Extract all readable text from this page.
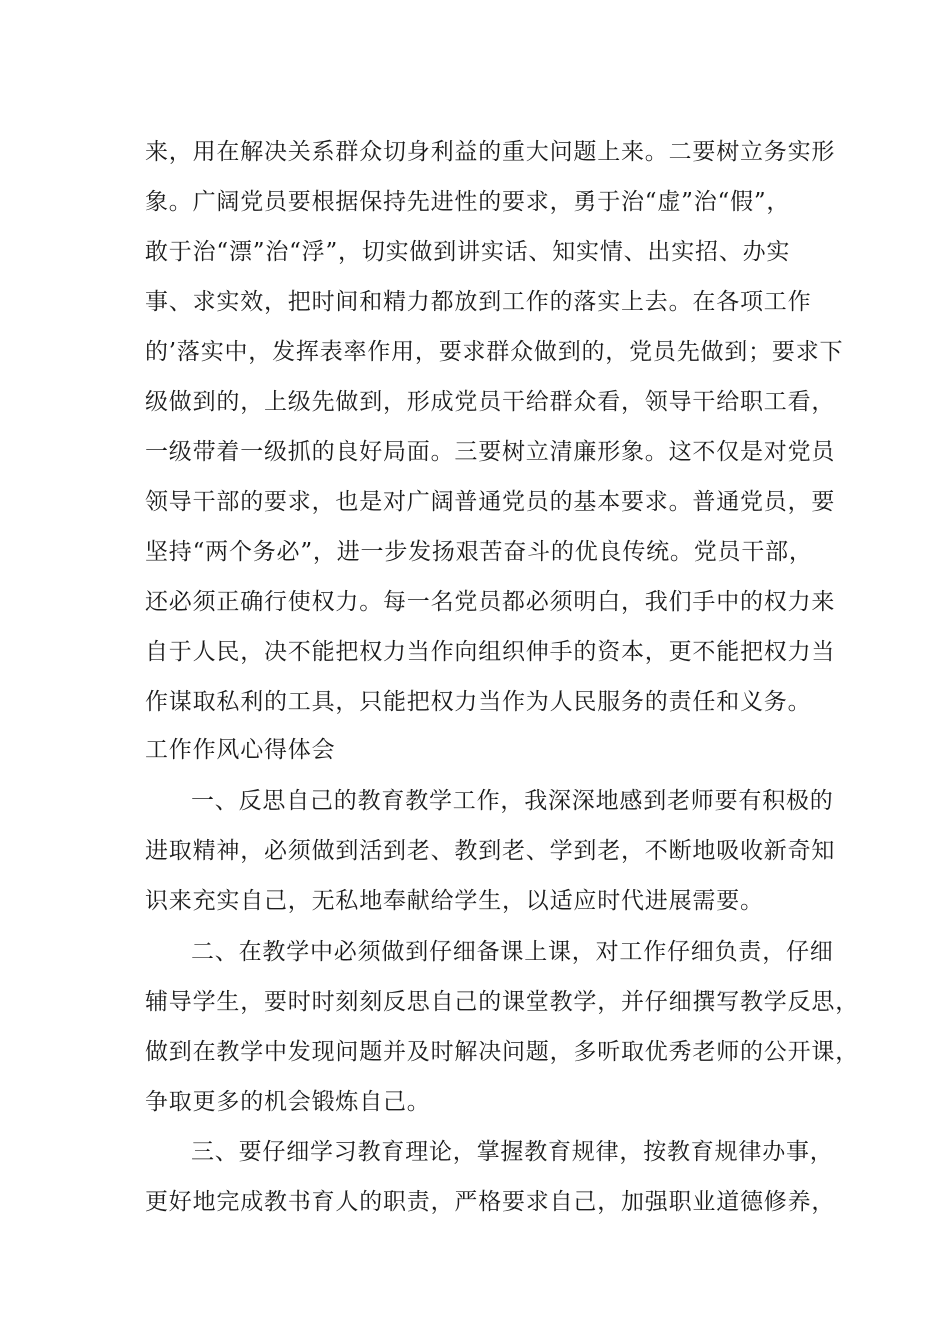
来，用在解决关系群众切身利益的重大问题上来。二要树立务实形
象。广阔党员要根据保持先进性的要求，勇于治“虚”治“假”，
敢于治“漂”治“浮”，切实做到讲实话、知实情、出实招、办实
事、求实效，把时间和精力都放到工作的落实上去。在各项工作
的’落实中，发挥表率作用，要求群众做到的，党员先做到；要求下
级做到的，上级先做到，形成党员干给群众看，领导干给职工看，
一级带着一级抓的良好局面。三要树立清廉形象。这不仅是对党员
领导干部的要求，也是对广阔普通党员的基本要求。普通党员，要
坚持“两个务必”，进一步发扬艰苦奋斗的优良传统。党员干部，
还必须正确行使权力。每一名党员都必须明白，我们手中的权力来
自于人民，决不能把权力当作向组织伸手的资本，更不能把权力当
作谋取私利的工具，只能把权力当作为人民服务的责任和义务。
工作作风心得体会
一、反思自己的教育教学工作，我深深地感到老师要有积极的
进取精神，必须做到活到老、教到老、学到老，不断地吸收新奇知
识来充实自己，无私地奉献给学生，以适应时代进展需要。
二、在教学中必须做到仔细备课上课，对工作仔细负责，仔细
辅导学生，要时时刻刻反思自己的课堂教学，并仔细撰写教学反思，
做到在教学中发现问题并及时解决问题，多听取优秀老师的公开课，
争取更多的机会锻炼自己。
三、要仔细学习教育理论，掌握教育规律，按教育规律办事，
更好地完成教书育人的职责，严格要求自己，加强职业道德修养，
